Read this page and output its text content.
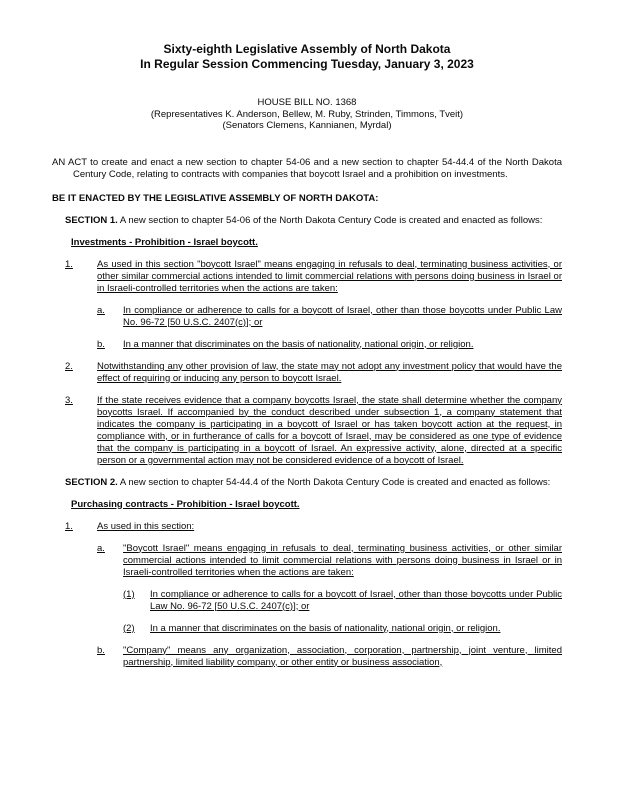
Sixty-eighth Legislative Assembly of North Dakota
In Regular Session Commencing Tuesday, January 3, 2023
HOUSE BILL NO. 1368
(Representatives K. Anderson, Bellew, M. Ruby, Strinden, Timmons, Tveit)
(Senators Clemens, Kannianen, Myrdal)

AN ACT to create and enact a new section to chapter 54-06 and a new section to chapter 54-44.4 of the North Dakota Century Code, relating to contracts with companies that boycott Israel and a prohibition on investments.

BE IT ENACTED BY THE LEGISLATIVE ASSEMBLY OF NORTH DAKOTA:

SECTION 1. A new section to chapter 54-06 of the North Dakota Century Code is created and enacted as follows:

Investments - Prohibition - Israel boycott.

1.	As used in this section "boycott Israel" means engaging in refusals to deal, terminating business activities, or other similar commercial actions intended to limit commercial relations with persons doing business in Israel or in Israeli-controlled territories when the actions are taken:
a. In compliance or adherence to calls for a boycott of Israel, other than those boycotts under Public Law No. 96-72 [50 U.S.C. 2407(c)]; or
b. In a manner that discriminates on the basis of nationality, national origin, or religion.
2.	Notwithstanding any other provision of law, the state may not adopt any investment policy that would have the effect of requiring or inducing any person to boycott Israel.
3.	If the state receives evidence that a company boycotts Israel, the state shall determine whether the company boycotts Israel. If accompanied by the conduct described under subsection 1, a company statement that indicates the company is participating in a boycott of Israel or has taken boycott action at the request, in compliance with, or in furtherance of calls for a boycott of Israel, may be considered as one type of evidence that the company is participating in a boycott of Israel. An expressive activity, alone, directed at a specific person or a governmental action may not be considered evidence of a boycott of Israel.

SECTION 2. A new section to chapter 54-44.4 of the North Dakota Century Code is created and enacted as follows:

Purchasing contracts - Prohibition - Israel boycott.

1.	As used in this section:
a. "Boycott Israel" means engaging in refusals to deal, terminating business activities, or other similar commercial actions intended to limit commercial relations with persons doing business in Israel or in Israeli-controlled territories when the actions are taken:
(1) In compliance or adherence to calls for a boycott of Israel, other than those boycotts under Public Law No. 96-72 [50 U.S.C. 2407(c)]; or
(2) In a manner that discriminates on the basis of nationality, national origin, or religion.
b. "Company" means any organization, association, corporation, partnership, joint venture, limited partnership, limited liability company, or other entity or business association,
